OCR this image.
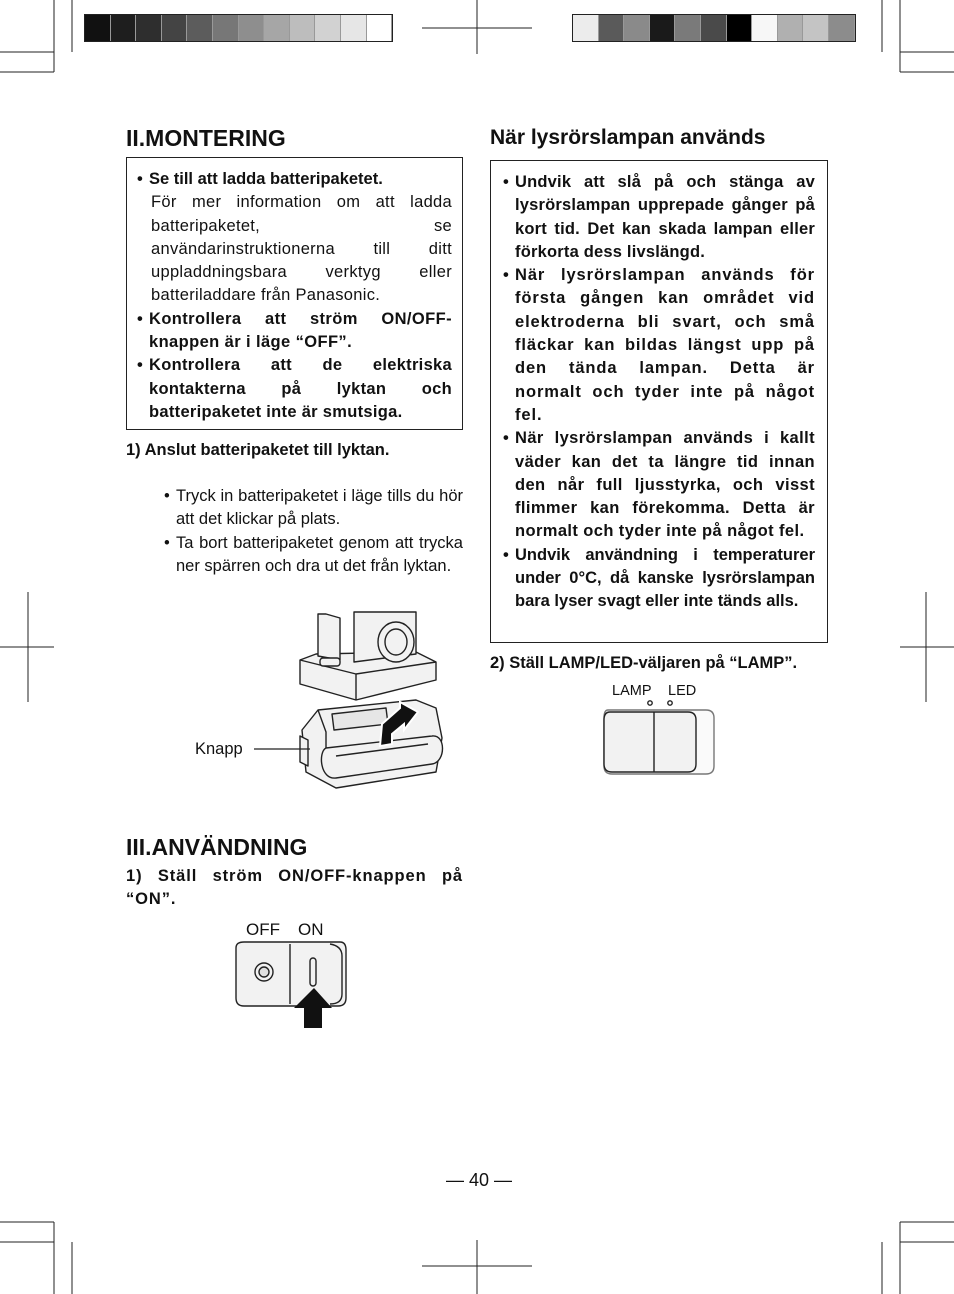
II.MONTERING
• Se till att ladda batteripaketet.
För mer information om att ladda batteripaketet, se användarinstruktionerna till ditt uppladdningsbara verktyg eller batteriladdare från Panasonic.
• Kontrollera att ström ON/OFF-knappen är i läge “OFF”.
• Kontrollera att de elektriska kontakterna på lyktan och batteripaketet inte är smutsiga.
1) Anslut batteripaketet till lyktan.
• Tryck in batteripaketet i läge tills du hör att det klickar på plats.
• Ta bort batteripaketet genom att trycka ner spärren och dra ut det från lyktan.
Knapp
III.ANVÄNDNING
1) Ställ ström ON/OFF-knappen på “ON”.
OFF ON
När lysrörslampan används
• Undvik att slå på och stänga av lysrörslampan upprepade gånger på kort tid. Det kan skada lampan eller förkorta dess livslängd.
• När lysrörslampan används för första gången kan området vid elektroderna bli svart, och små fläckar kan bildas längst upp på den tända lampan. Detta är normalt och tyder inte på något fel.
• När lysrörslampan används i kallt väder kan det ta längre tid innan den når full ljusstyrka, och visst flimmer kan förekomma. Detta är normalt och tyder inte på något fel.
• Undvik användning i temperaturer under 0°C, då kanske lysrörslampan bara lyser svagt eller inte tänds alls.
2) Ställ LAMP/LED-väljaren på “LAMP”.
LAMP LED
― 40 ―
